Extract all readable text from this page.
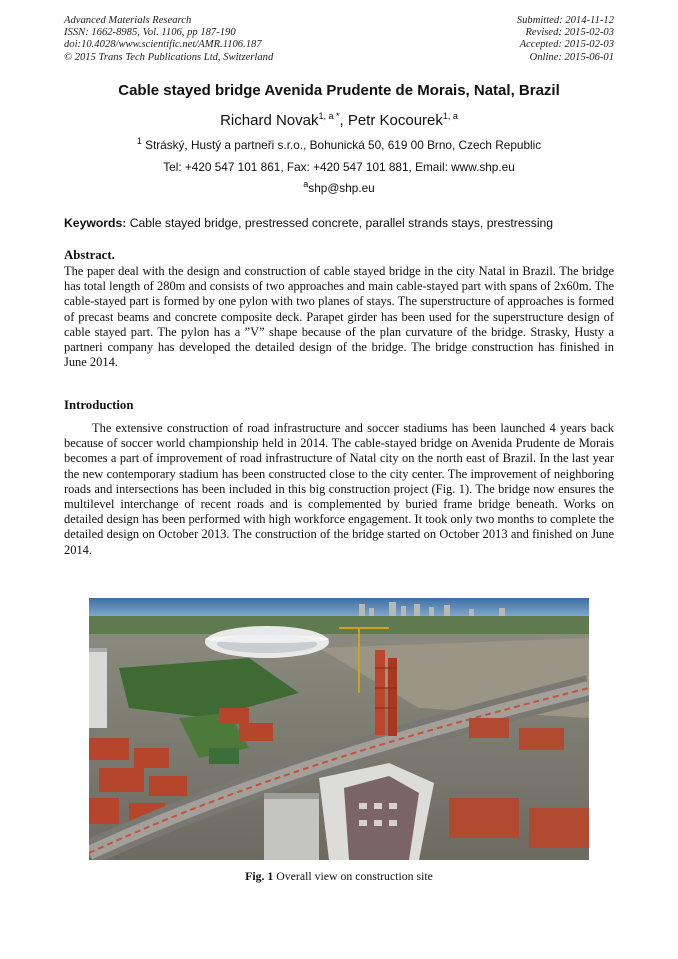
Advanced Materials Research
ISSN: 1662-8985, Vol. 1106, pp 187-190
doi:10.4028/www.scientific.net/AMR.1106.187
© 2015 Trans Tech Publications Ltd, Switzerland
Submitted: 2014-11-12
Revised: 2015-02-03
Accepted: 2015-02-03
Online: 2015-06-01
Cable stayed bridge Avenida Prudente de Morais, Natal, Brazil
Richard Novak$^{1, a *}$, Petr Kocourek$^{1, a}$
$^1$ Stráský, Hustý a partneři s.r.o., Bohunická 50, 619 00 Brno, Czech Republic
Tel: +420 547 101 861, Fax: +420 547 101 881, Email: www.shp.eu
$^a$shp@shp.eu
Keywords: Cable stayed bridge, prestressed concrete, parallel strands stays, prestressing
Abstract.
The paper deal with the design and construction of cable stayed bridge in the city Natal in Brazil. The bridge has total length of 280m and consists of two approaches and main cable-stayed part with spans of 2x60m. The cable-stayed part is formed by one pylon with two planes of stays. The superstructure of approaches is formed of precast beams and concrete composite deck. Parapet girder has been used for the superstructure design of cable stayed part. The pylon has a ”V” shape because of the plan curvature of the bridge. Strasky, Husty a partneri company has developed the detailed design of the bridge. The bridge construction has finished in June 2014.
Introduction
The extensive construction of road infrastructure and soccer stadiums has been launched 4 years back because of soccer world championship held in 2014. The cable-stayed bridge on Avenida Prudente de Morais becomes a part of improvement of road infrastructure of Natal city on the north east of Brazil. In the last year the new contemporary stadium has been constructed close to the city center. The improvement of neighboring roads and intersections has been included in this big construction project (Fig. 1). The bridge now ensures the multilevel interchange of recent roads and is complemented by buried frame bridge beneath. Works on detailed design has been performed with high workforce engagement. It took only two months to complete the detailed design on October 2013. The construction of the bridge started on October 2013 and finished on June 2014.
Fig. 1 Overall view on construction site
